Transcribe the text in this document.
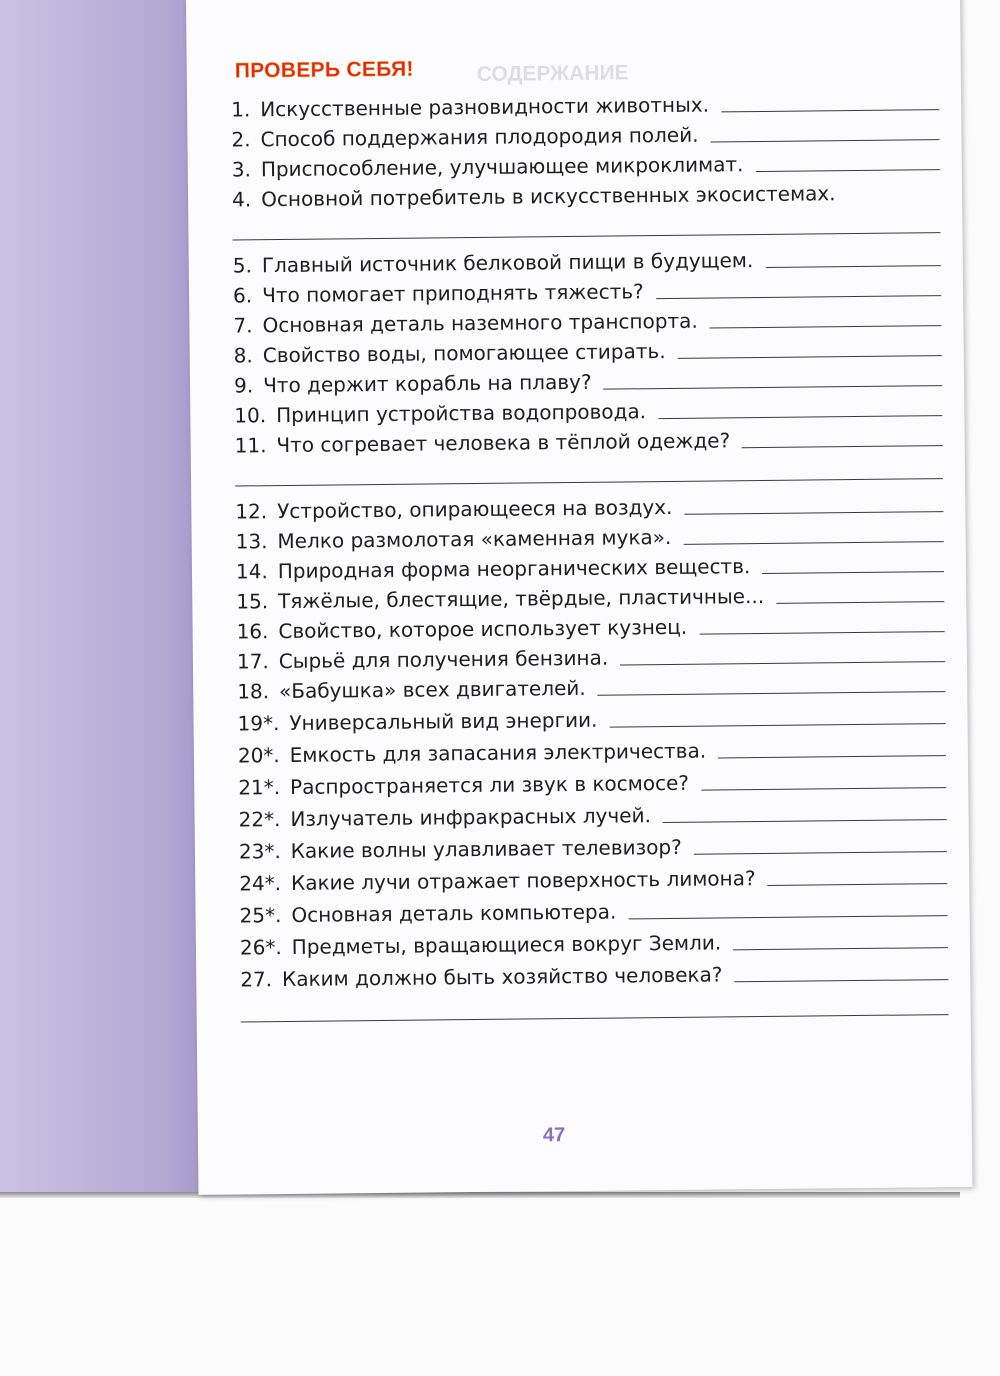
ПРОВЕРЬ СЕБЯ!	СОДЕРЖАНИЕ
1. Искусственные разновидности животных.
2. Способ поддержания плодородия полей.
3. Приспособление, улучшающее микроклимат.
4. Основной потребитель в искусственных экосистемах.
5. Главный источник белковой пищи в будущем.
6. Что помогает приподнять тяжесть?
7. Основная деталь наземного транспорта.
8. Свойство воды, помогающее стирать.
9. Что держит корабль на плаву?
10. Принцип устройства водопровода.
11. Что согревает человека в тёплой одежде?
12. Устройство, опирающееся на воздух.
13. Мелко размолотая «каменная мука».
14. Природная форма неорганических веществ.
15. Тяжёлые, блестящие, твёрдые, пластичные...
16. Свойство, которое использует кузнец.
17. Сырьё для получения бензина.
18. «Бабушка» всех двигателей.
19*. Универсальный вид энергии.
20*. Емкость для запасания электричества.
21*. Распространяется ли звук в космосе?
22*. Излучатель инфракрасных лучей.
23*. Какие волны улавливает телевизор?
24*. Какие лучи отражает поверхность лимона?
25*. Основная деталь компьютера.
26*. Предметы, вращающиеся вокруг Земли.
27. Каким должно быть хозяйство человека?
47
